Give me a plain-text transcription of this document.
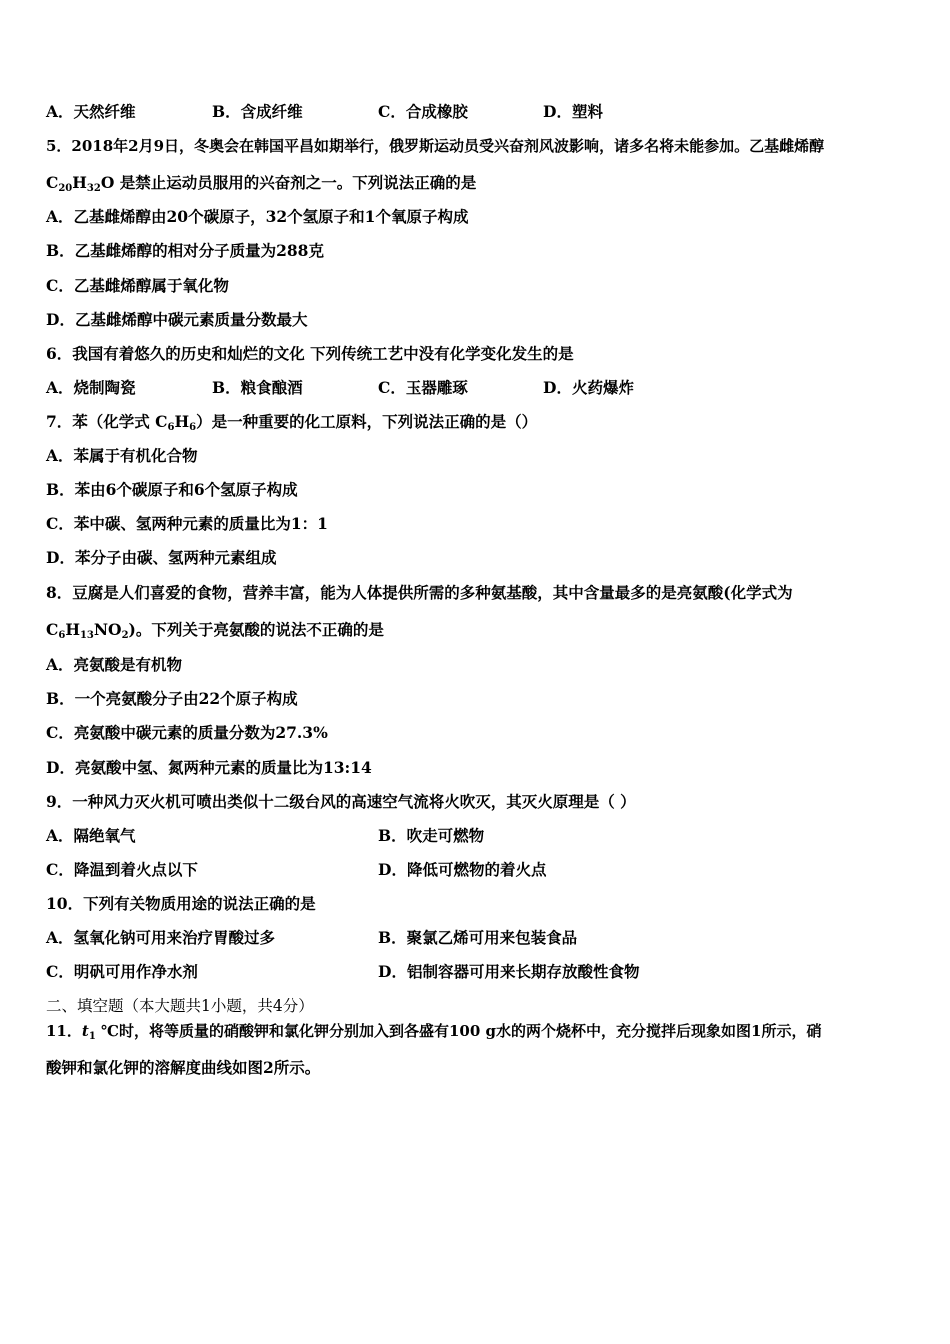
A．天然纤维	B．含成纤维	C．合成橡胶	D．塑料
5．2018年2月9日，冬奥会在韩国平昌如期举行，俄罗斯运动员受兴奋剂风波影响，诸多名将未能参加。乙基雌烯醇
$C_{20}H_{32}O$ 是禁止运动员服用的兴奋剂之一。下列说法正确的是
A．乙基雌烯醇由20个碳原子，32个氢原子和1个氧原子构成
B．乙基雌烯醇的相对分子质量为288克
C．乙基雌烯醇属于氧化物
D．乙基雌烯醇中碳元素质量分数最大
6．我国有着悠久的历史和灿烂的文化 下列传统工艺中没有化学变化发生的是
A．烧制陶瓷	B．粮食酿酒	C．玉器雕琢	D．火药爆炸
7．苯（化学式 $C_6H_6$）是一种重要的化工原料，下列说法正确的是（）
A．苯属于有机化合物
B．苯由6个碳原子和6个氢原子构成
C．苯中碳、氢两种元素的质量比为1：1
D．苯分子由碳、氢两种元素组成
8．豆腐是人们喜爱的食物，营养丰富，能为人体提供所需的多种氨基酸，其中含量最多的是亮氨酸(化学式为
$C_6H_{13}NO_2$)。下列关于亮氨酸的说法不正确的是
A．亮氨酸是有机物
B．一个亮氨酸分子由22个原子构成
C．亮氨酸中碳元素的质量分数为27.3%
D．亮氨酸中氢、氮两种元素的质量比为13:14
9．一种风力灭火机可喷出类似十二级台风的高速空气流将火吹灭，其灭火原理是（ ）
A．隔绝氧气	B．吹走可燃物
C．降温到着火点以下	D．降低可燃物的着火点
10．下列有关物质用途的说法正确的是
A．氢氧化钠可用来治疗胃酸过多	B．聚氯乙烯可用来包装食品
C．明矾可用作净水剂	D．铝制容器可用来长期存放酸性食物
二、填空题（本大题共1小题，共4分）
11．$t_1$ ℃时，将等质量的硝酸钾和氯化钾分别加入到各盛有100 g水的两个烧杯中，充分搅拌后现象如图1所示，硝
酸钾和氯化钾的溶解度曲线如图2所示。
